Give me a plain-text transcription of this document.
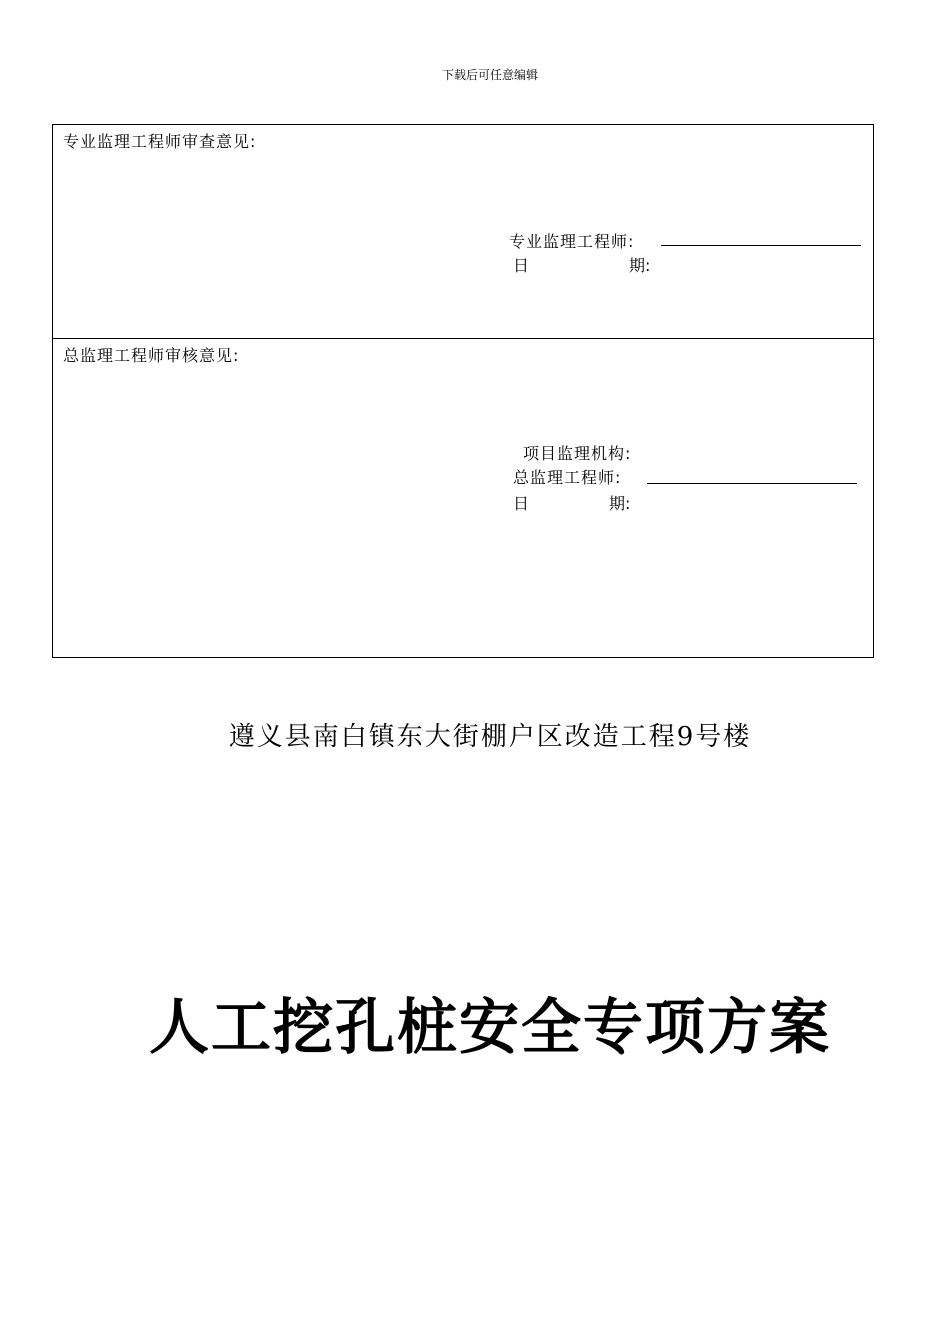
下载后可任意编辑
专业监理工程师审查意见:
专业监理工程师:
日	期:
总监理工程师审核意见:
项目监理机构:
总监理工程师:
日	期:
遵义县南白镇东大街棚户区改造工程9号楼
人工挖孔桩安全专项方案
